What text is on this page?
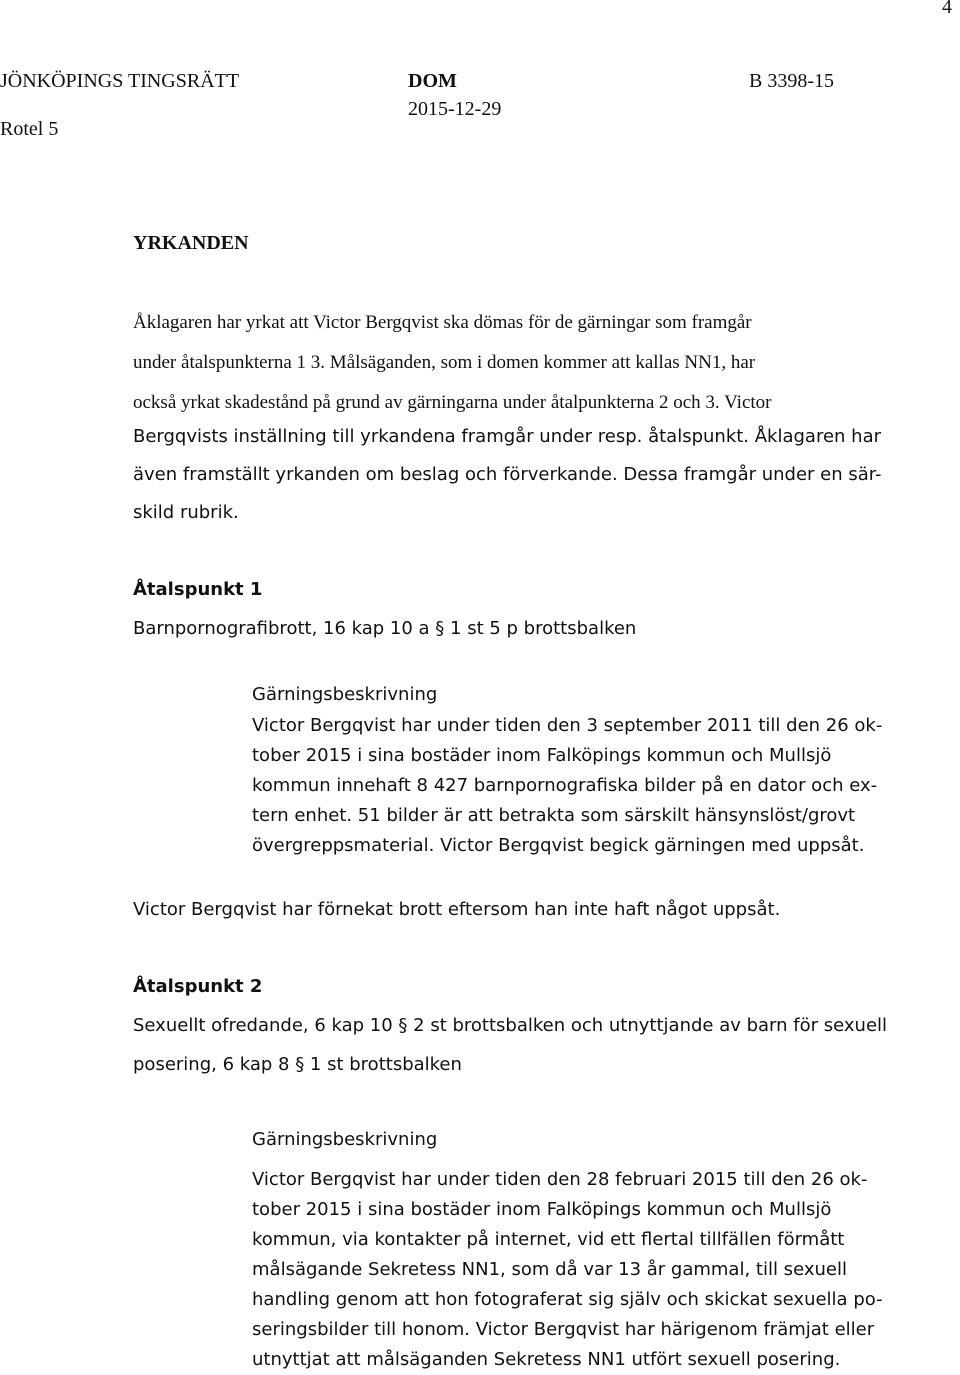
4
JÖNKÖPINGS TINGSRÄTT
Rotel 5
DOM
2015-12-29
B 3398-15
YRKANDEN
Åklagaren har yrkat att Victor Bergqvist ska dömas för de gärningar som framgår
under åtalspunkterna 1 3. Målsäganden, som i domen kommer att kallas NN1, har
också yrkat skadestånd på grund av gärningarna under åtalpunkterna 2 och 3. Victor
Bergqvists inställning till yrkandena framgår under resp. åtalspunkt. Åklagaren har
även framställt yrkanden om beslag och förverkande. Dessa framgår under en sär-
skild rubrik.
Åtalspunkt 1
Barnpornografibrott, 16 kap 10 a § 1 st 5 p brottsbalken
Gärningsbeskrivning
Victor Bergqvist har under tiden den 3 september 2011 till den 26 ok-
tober 2015 i sina bostäder inom Falköpings kommun och Mullsjö
kommun innehaft 8 427 barnpornografiska bilder på en dator och ex-
tern enhet. 51 bilder är att betrakta som särskilt hänsynslöst/grovt
övergreppsmaterial. Victor Bergqvist begick gärningen med uppsåt.
Victor Bergqvist har förnekat brott eftersom han inte haft något uppsåt.
Åtalspunkt 2
Sexuellt ofredande, 6 kap 10 § 2 st brottsbalken och utnyttjande av barn för sexuell
posering, 6 kap 8 § 1 st brottsbalken
Gärningsbeskrivning
Victor Bergqvist har under tiden den 28 februari 2015 till den 26 ok-
tober 2015 i sina bostäder inom Falköpings kommun och Mullsjö
kommun, via kontakter på internet, vid ett flertal tillfällen förmått
målsägande Sekretess NN1, som då var 13 år gammal, till sexuell
handling genom att hon fotograferat sig själv och skickat sexuella po-
seringsbilder till honom. Victor Bergqvist har härigenom främjat eller
utnyttjat att målsäganden Sekretess NN1 utfört sexuell posering.
